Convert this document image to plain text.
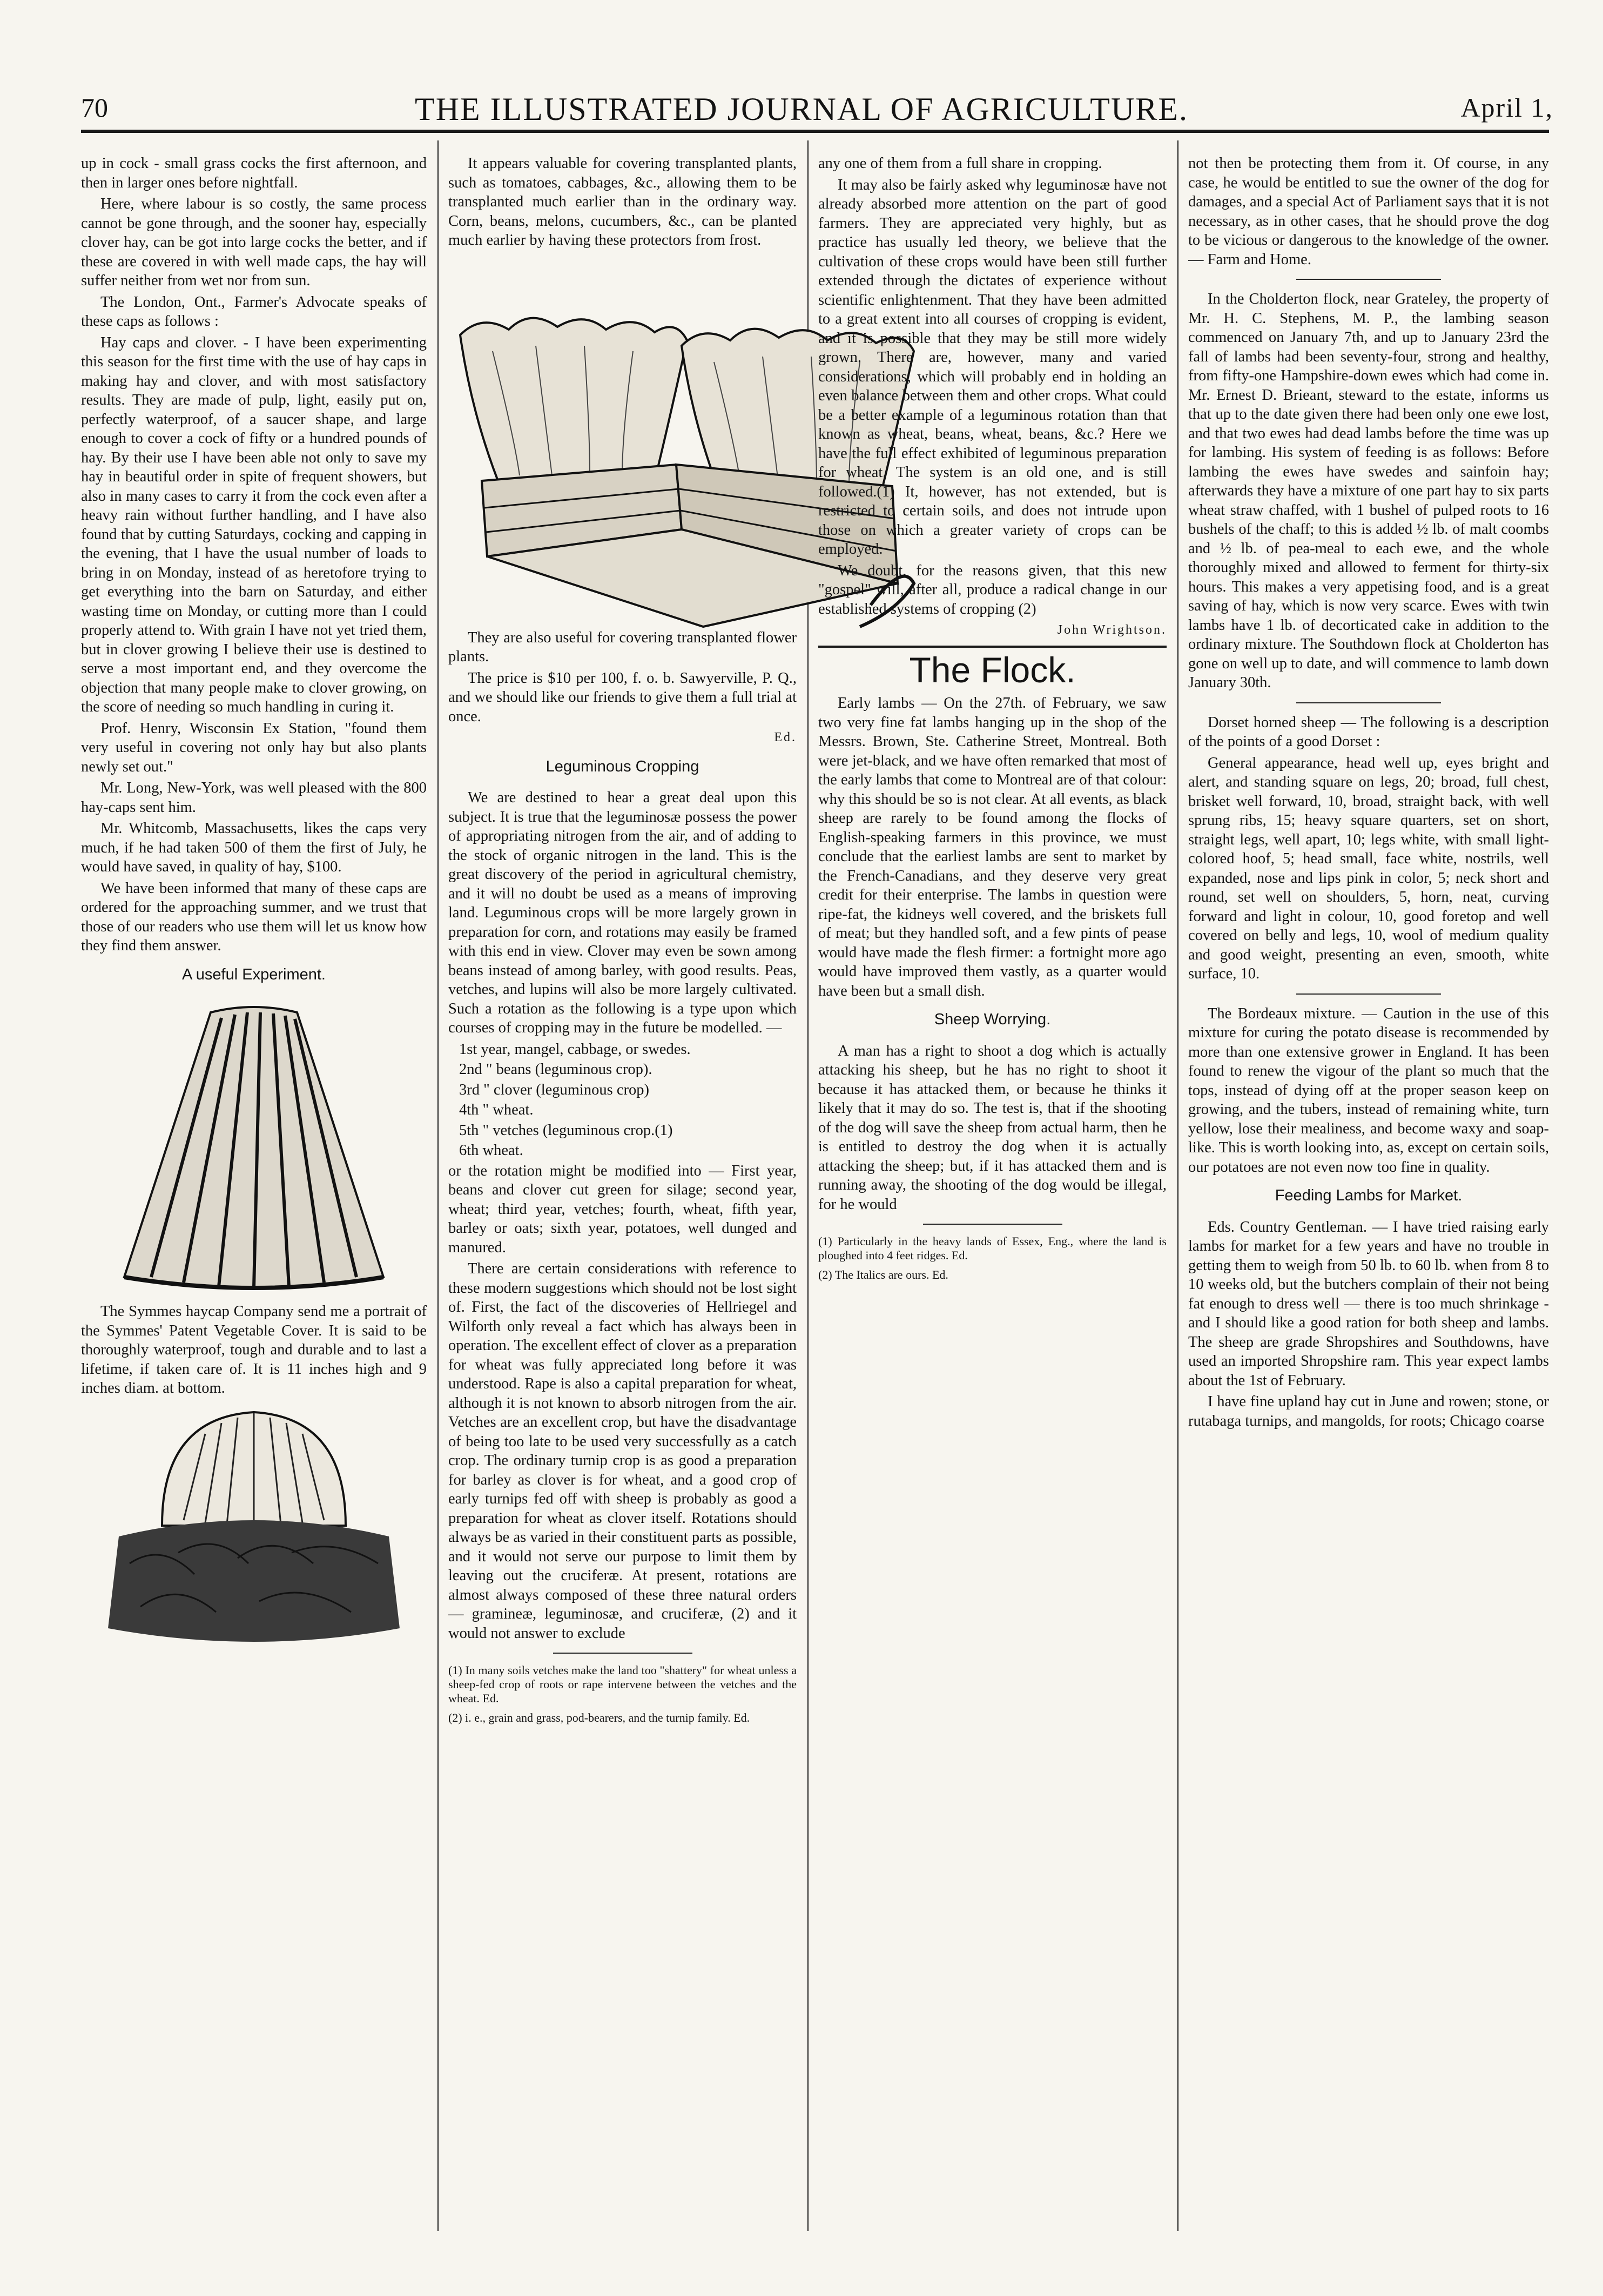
70	THE ILLUSTRATED JOURNAL OF AGRICULTURE.	April 1,

up in cock - small grass cocks the first afternoon, and then in larger ones before nightfall.

Here, where labour is so costly, the same process cannot be gone through, and the sooner hay, especially clover hay, can be got into large cocks the better, and if these are covered in with well made caps, the hay will suffer neither from wet nor from sun.

The London, Ont., Farmer's Advocate speaks of these caps as follows :

Hay caps and clover. - I have been experimenting this season for the first time with the use of hay caps in making hay and clover, and with most satisfactory results. They are made of pulp, light, easily put on, perfectly waterproof, of a saucer shape, and large enough to cover a cock of fifty or a hundred pounds of hay. By their use I have been able not only to save my hay in beautiful order in spite of frequent showers, but also in many cases to carry it from the cock even after a heavy rain without further handling, and I have also found that by cutting Saturdays, cocking and capping in the evening, that I have the usual number of loads to bring in on Monday, instead of as heretofore trying to get everything into the barn on Saturday, and either wasting time on Monday, or cutting more than I could properly attend to. With grain I have not yet tried them, but in clover growing I believe their use is destined to serve a most important end, and they overcome the objection that many people make to clover growing, on the score of needing so much handling in curing it.

Prof. Henry, Wisconsin Ex Station, "found them very useful in covering not only hay but also plants newly set out."

Mr. Long, New-York, was well pleased with the 800 hay-caps sent him.

Mr. Whitcomb, Massachusetts, likes the caps very much, if he had taken 500 of them the first of July, he would have saved, in quality of hay, $100.

We have been informed that many of these caps are ordered for the approaching summer, and we trust that those of our readers who use them will let us know how they find them answer.

A useful Experiment.

The Symmes haycap Company send me a portrait of the Symmes' Patent Vegetable Cover. It is said to be thoroughly waterproof, tough and durable and to last a lifetime, if taken care of. It is 11 inches high and 9 inches diam. at bottom.

It appears valuable for covering transplanted plants, such as tomatoes, cabbages, &c., allowing them to be transplanted much earlier than in the ordinary way. Corn, beans, melons, cucumbers, &c., can be planted much earlier by having these protectors from frost.

They are also useful for covering transplanted flower plants.

The price is $10 per 100, f. o. b. Sawyerville, P. Q., and we should like our friends to give them a full trial at once.

Ed.
Leguminous Cropping

We are destined to hear a great deal upon this subject. It is true that the leguminosæ possess the power of appropriating nitrogen from the air, and of adding to the stock of organic nitrogen in the land. This is the great discovery of the period in agricultural chemistry, and it will no doubt be used as a means of improving land. Leguminous crops will be more largely grown in preparation for corn, and rotations may easily be framed with this end in view. Clover may even be sown among beans instead of among barley, with good results. Peas, vetches, and lupins will also be more largely cultivated. Such a rotation as the following is a type upon which courses of cropping may in the future be modelled. —

1st year, mangel, cabbage, or swedes.

2nd " beans (leguminous crop).

3rd " clover (leguminous crop)

4th " wheat.

5th " vetches (leguminous crop.(1)

6th wheat.

or the rotation might be modified into — First year, beans and clover cut green for silage; second year, wheat; third year, vetches; fourth, wheat, fifth year, barley or oats; sixth year, potatoes, well dunged and manured.

There are certain considerations with reference to these modern suggestions which should not be lost sight of. First, the fact of the discoveries of Hellriegel and Wilforth only reveal a fact which has always been in operation. The excellent effect of clover as a preparation for wheat was fully appreciated long before it was understood. Rape is also a capital preparation for wheat, although it is not known to absorb nitrogen from the air. Vetches are an excellent crop, but have the disadvantage of being too late to be used very successfully as a catch crop. The ordinary turnip crop is as good a preparation for barley as clover is for wheat, and a good crop of early turnips fed off with sheep is probably as good a preparation for wheat as clover itself. Rotations should always be as varied in their constituent parts as possible, and it would not serve our purpose to limit them by leaving out the cruciferæ. At present, rotations are almost always composed of these three natural orders — gramineæ, leguminosæ, and cruciferæ, (2) and it would not answer to exclude

(1) In many soils vetches make the land too "shattery" for wheat unless a sheep-fed crop of roots or rape intervene between the vetches and the wheat. Ed.

(2) i. e., grain and grass, pod-bearers, and the turnip family. Ed.

any one of them from a full share in cropping.

It may also be fairly asked why leguminosæ have not already absorbed more attention on the part of good farmers. They are appreciated very highly, but as practice has usually led theory, we believe that the cultivation of these crops would have been still further extended through the dictates of experience without scientific enlightenment. That they have been admitted to a great extent into all courses of cropping is evident, and it is possible that they may be still more widely grown. There are, however, many and varied considerations, which will probably end in holding an even balance between them and other crops. What could be a better example of a leguminous rotation than that known as wheat, beans, wheat, beans, &c.? Here we have the full effect exhibited of leguminous preparation for wheat. The system is an old one, and is still followed.(1) It, however, has not extended, but is restricted to certain soils, and does not intrude upon those on which a greater variety of crops can be employed.

We doubt, for the reasons given, that this new "gospel" will, after all, produce a radical change in our established systems of cropping (2)

John Wrightson.
The Flock.

Early lambs — On the 27th. of February, we saw two very fine fat lambs hanging up in the shop of the Messrs. Brown, Ste. Catherine Street, Montreal. Both were jet-black, and we have often remarked that most of the early lambs that come to Montreal are of that colour: why this should be so is not clear. At all events, as black sheep are rarely to be found among the flocks of English-speaking farmers in this province, we must conclude that the earliest lambs are sent to market by the French-Canadians, and they deserve very great credit for their enterprise. The lambs in question were ripe-fat, the kidneys well covered, and the briskets full of meat; but they handled soft, and a few pints of pease would have made the flesh firmer: a fortnight more ago would have improved them vastly, as a quarter would have been but a small dish.

Sheep Worrying.

A man has a right to shoot a dog which is actually attacking his sheep, but he has no right to shoot it because it has attacked them, or because he thinks it likely that it may do so. The test is, that if the shooting of the dog will save the sheep from actual harm, then he is entitled to destroy the dog when it is actually attacking the sheep; but, if it has attacked them and is running away, the shooting of the dog would be illegal, for he would

(1) Particularly in the heavy lands of Essex, Eng., where the land is ploughed into 4 feet ridges. Ed.

(2) The Italics are ours. Ed.

not then be protecting them from it. Of course, in any case, he would be entitled to sue the owner of the dog for damages, and a special Act of Parliament says that it is not necessary, as in other cases, that he should prove the dog to be vicious or dangerous to the knowledge of the owner. — Farm and Home.

In the Cholderton flock, near Grateley, the property of Mr. H. C. Stephens, M. P., the lambing season commenced on January 7th, and up to January 23rd the fall of lambs had been seventy-four, strong and healthy, from fifty-one Hampshire-down ewes which had come in. Mr. Ernest D. Brieant, steward to the estate, informs us that up to the date given there had been only one ewe lost, and that two ewes had dead lambs before the time was up for lambing. His system of feeding is as follows: Before lambing the ewes have swedes and sainfoin hay; afterwards they have a mixture of one part hay to six parts wheat straw chaffed, with 1 bushel of pulped roots to 16 bushels of the chaff; to this is added ½ lb. of malt coombs and ½ lb. of pea-meal to each ewe, and the whole thoroughly mixed and allowed to ferment for thirty-six hours. This makes a very appetising food, and is a great saving of hay, which is now very scarce. Ewes with twin lambs have 1 lb. of decorticated cake in addition to the ordinary mixture. The Southdown flock at Cholderton has gone on well up to date, and will commence to lamb down January 30th.

Dorset horned sheep — The following is a description of the points of a good Dorset :

General appearance, head well up, eyes bright and alert, and standing square on legs, 20; broad, full chest, brisket well forward, 10, broad, straight back, with well sprung ribs, 15; heavy square quarters, set on short, straight legs, well apart, 10; legs white, with small light-colored hoof, 5; head small, face white, nostrils, well expanded, nose and lips pink in color, 5; neck short and round, set well on shoulders, 5, horn, neat, curving forward and light in colour, 10, good foretop and well covered on belly and legs, 10, wool of medium quality and good weight, presenting an even, smooth, white surface, 10.

The Bordeaux mixture. — Caution in the use of this mixture for curing the potato disease is recommended by more than one extensive grower in England. It has been found to renew the vigour of the plant so much that the tops, instead of dying off at the proper season keep on growing, and the tubers, instead of remaining white, turn yellow, lose their mealiness, and become waxy and soap-like. This is worth looking into, as, except on certain soils, our potatoes are not even now too fine in quality.

Feeding Lambs for Market.

Eds. Country Gentleman. — I have tried raising early lambs for market for a few years and have no trouble in getting them to weigh from 50 lb. to 60 lb. when from 8 to 10 weeks old, but the butchers complain of their not being fat enough to dress well — there is too much shrinkage - and I should like a good ration for both sheep and lambs. The sheep are grade Shropshires and Southdowns, have used an imported Shropshire ram. This year expect lambs about the 1st of February.

I have fine upland hay cut in June and rowen; stone, or rutabaga turnips, and mangolds, for roots; Chicago coarse
